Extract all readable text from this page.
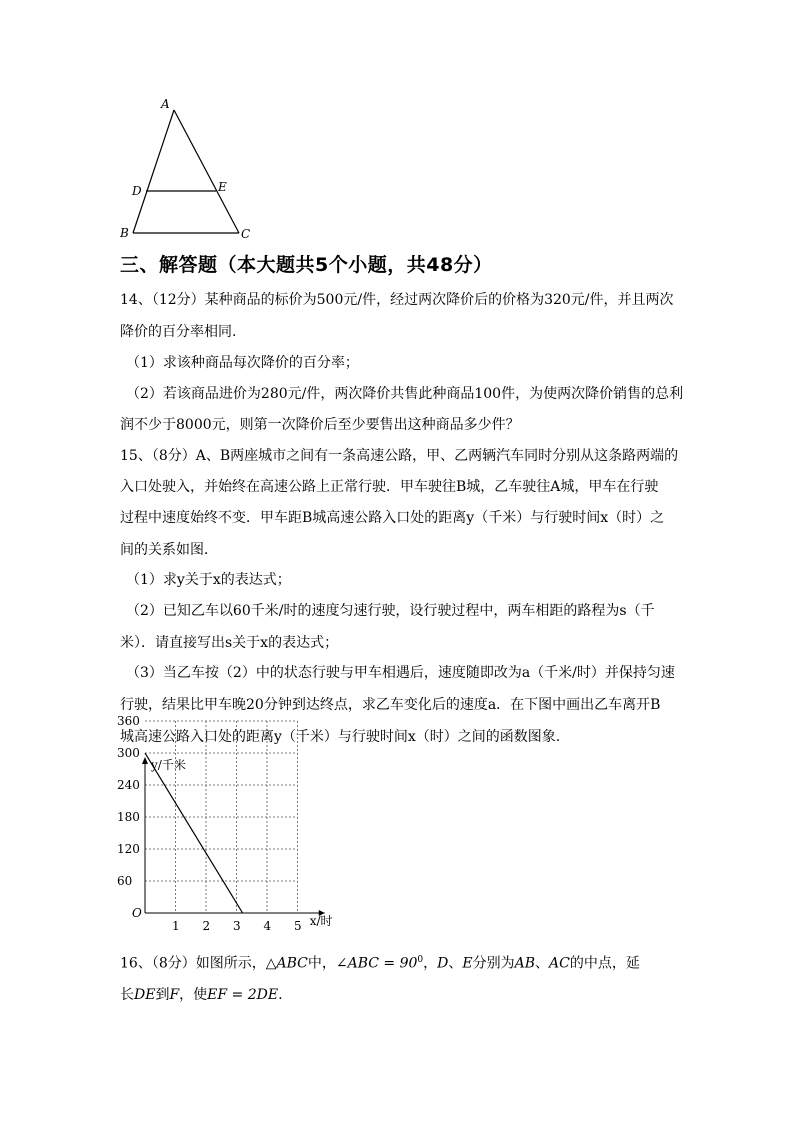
A
D	E
B	C
三、解答题（本大题共5个小题，共48分）
14、（12分）某种商品的标价为500元/件，经过两次降价后的价格为320元/件，并且两次
降价的百分率相同.
（1）求该种商品每次降价的百分率；
（2）若该商品进价为280元/件，两次降价共售此种商品100件，为使两次降价销售的总利
润不少于8000元，则第一次降价后至少要售出这种商品多少件？
15、（8分）A、B两座城市之间有一条高速公路，甲、乙两辆汽车同时分别从这条路两端的
入口处驶入，并始终在高速公路上正常行驶．甲车驶往B城，乙车驶往A城，甲车在行驶
过程中速度始终不变．甲车距B城高速公路入口处的距离y（千米）与行驶时间x（时）之
间的关系如图．
（1）求y关于x的表达式；
（2）已知乙车以60千米/时的速度匀速行驶，设行驶过程中，两车相距的路程为s（千
米）．请直接写出s关于x的表达式；
（3）当乙车按（2）中的状态行驶与甲车相遇后，速度随即改为a（千米/时）并保持匀速
行驶，结果比甲车晚20分钟到达终点，求乙车变化后的速度a．在下图中画出乙车离开B
城高速公路入口处的距离y（千米）与行驶时间x（时）之间的函数图象.
1 2 3 4 5
60
120
180
240
300
360
O
y/千米
x/时
16、（8分）如图所示，△ABC中，∠ABC = $90^0$，D、E分别为AB、AC的中点，延
长DE到F，使EF = 2DE.
